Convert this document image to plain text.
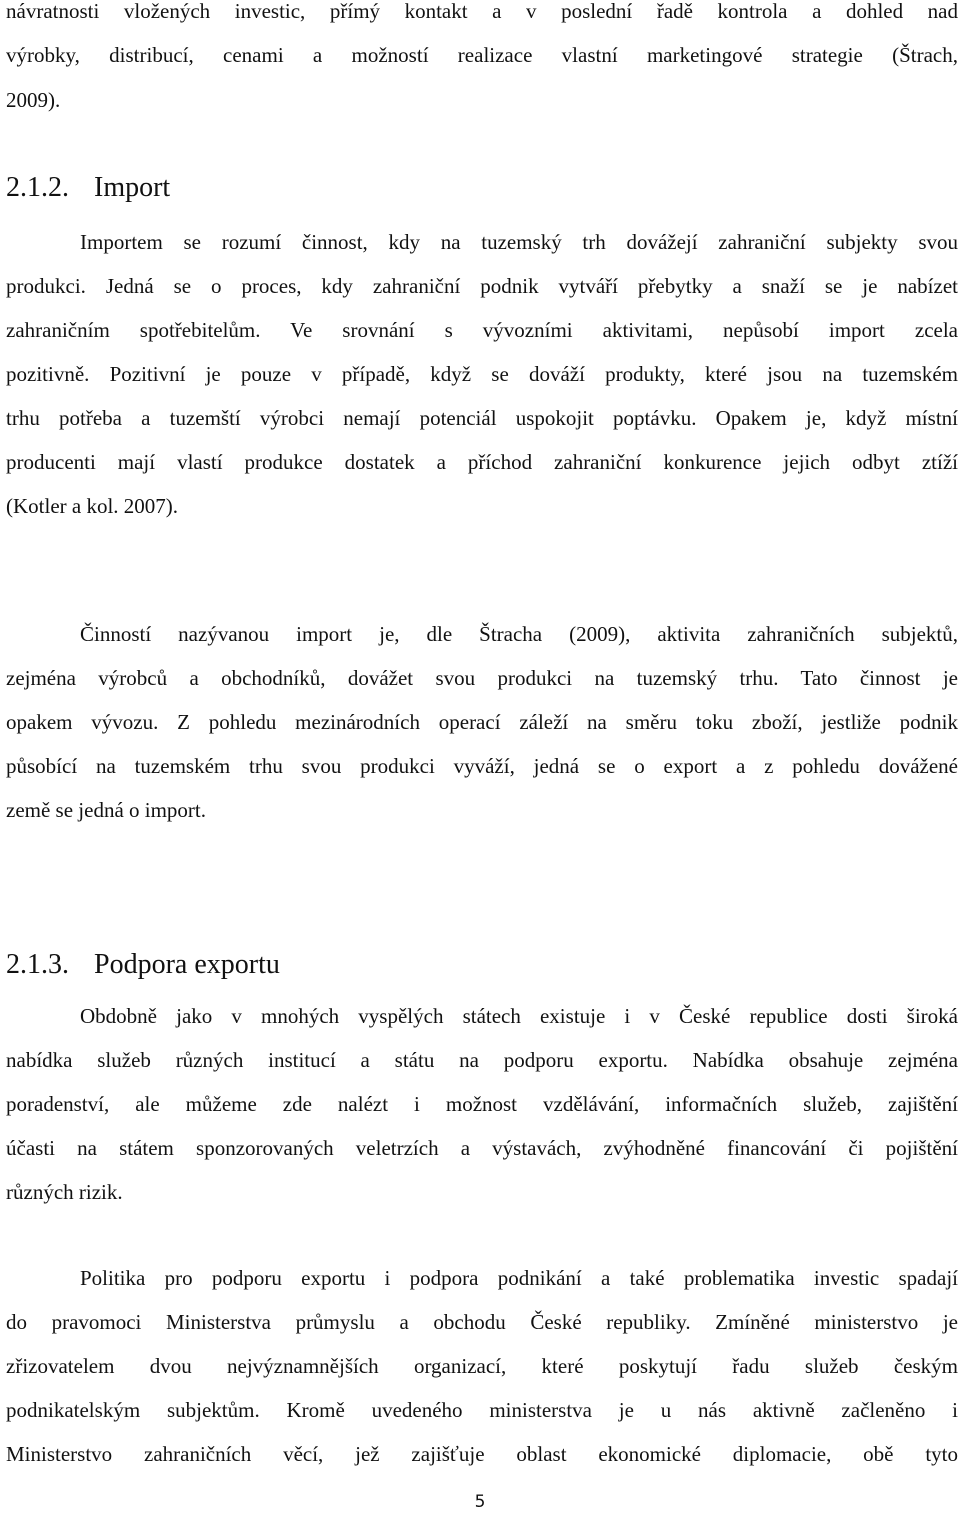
návratnosti vložených investic, přímý kontakt a v poslední řadě kontrola a dohled nad
výrobky, distribucí, cenami a možností realizace vlastní marketingové strategie (Štrach,
2009).
2.1.2. Import
Importem se rozumí činnost, kdy na tuzemský trh dovážejí zahraniční subjekty svou
produkci. Jedná se o proces, kdy zahraniční podnik vytváří přebytky a snaží se je nabízet
zahraničním spotřebitelům. Ve srovnání s vývozními aktivitami, nepůsobí import zcela
pozitivně. Pozitivní je pouze v případě, když se dováží produkty, které jsou na tuzemském
trhu potřeba a tuzemští výrobci nemají potenciál uspokojit poptávku. Opakem je, když místní
producenti mají vlastí produkce dostatek a příchod zahraniční konkurence jejich odbyt ztíží
(Kotler a kol. 2007).
Činností nazývanou import je, dle Štracha (2009), aktivita zahraničních subjektů,
zejména výrobců a obchodníků, dovážet svou produkci na tuzemský trhu. Tato činnost je
opakem vývozu. Z pohledu mezinárodních operací záleží na směru toku zboží, jestliže podnik
působící na tuzemském trhu svou produkci vyváží, jedná se o export a z pohledu dovážené
země se jedná o import.
2.1.3. Podpora exportu
Obdobně jako v mnohých vyspělých státech existuje i v České republice dosti široká
nabídka služeb různých institucí a státu na podporu exportu. Nabídka obsahuje zejména
poradenství, ale můžeme zde nalézt i možnost vzdělávání, informačních služeb, zajištění
účasti na státem sponzorovaných veletrzích a výstavách, zvýhodněné financování či pojištění
různých rizik.
Politika pro podporu exportu i podpora podnikání a také problematika investic spadají
do pravomoci Ministerstva průmyslu a obchodu České republiky. Zmíněné ministerstvo je
zřizovatelem dvou nejvýznamnějších organizací, které poskytují řadu služeb českým
podnikatelským subjektům. Kromě uvedeného ministerstva je u nás aktivně začleněno i
Ministerstvo zahraničních věcí, jež zajišťuje oblast ekonomické diplomacie, obě tyto
5
